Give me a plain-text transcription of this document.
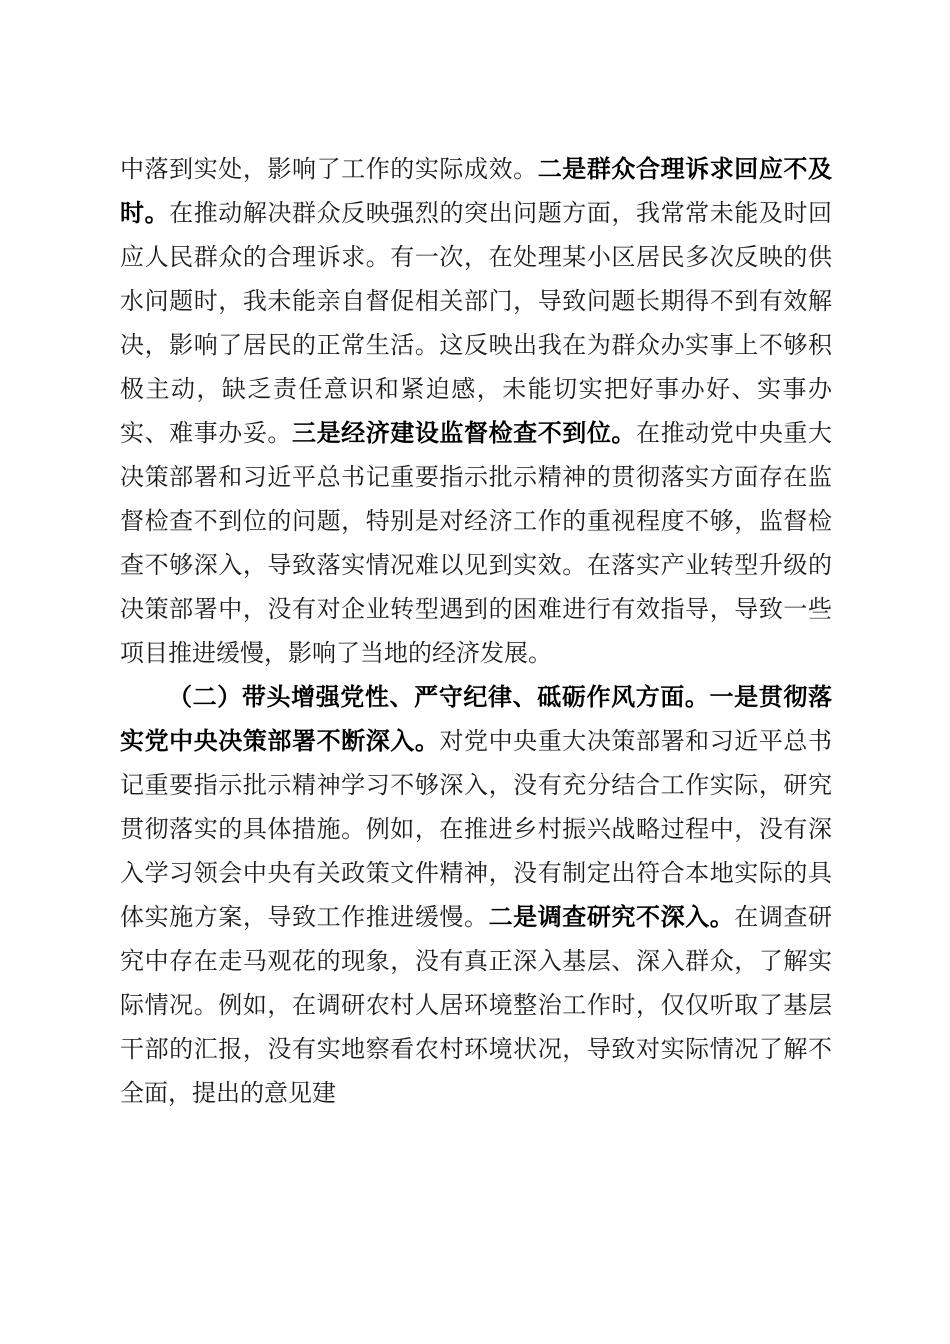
中落到实处，影响了工作的实际成效。二是群众合理诉求回应不及时。在推动解决群众反映强烈的突出问题方面，我常常未能及时回应人民群众的合理诉求。有一次，在处理某小区居民多次反映的供水问题时，我未能亲自督促相关部门，导致问题长期得不到有效解决，影响了居民的正常生活。这反映出我在为群众办实事上不够积极主动，缺乏责任意识和紧迫感，未能切实把好事办好、实事办实、难事办妥。三是经济建设监督检查不到位。在推动党中央重大决策部署和习近平总书记重要指示批示精神的贯彻落实方面存在监督检查不到位的问题，特别是对经济工作的重视程度不够，监督检查不够深入，导致落实情况难以见到实效。在落实产业转型升级的决策部署中，没有对企业转型遇到的困难进行有效指导，导致一些项目推进缓慢，影响了当地的经济发展。

（二）带头增强党性、严守纪律、砥砺作风方面。一是贯彻落实党中央决策部署不断深入。对党中央重大决策部署和习近平总书记重要指示批示精神学习不够深入，没有充分结合工作实际，研究贯彻落实的具体措施。例如，在推进乡村振兴战略过程中，没有深入学习领会中央有关政策文件精神，没有制定出符合本地实际的具体实施方案，导致工作推进缓慢。二是调查研究不深入。在调查研究中存在走马观花的现象，没有真正深入基层、深入群众，了解实际情况。例如，在调研农村人居环境整治工作时，仅仅听取了基层干部的汇报，没有实地察看农村环境状况，导致对实际情况了解不全面，提出的意见建
